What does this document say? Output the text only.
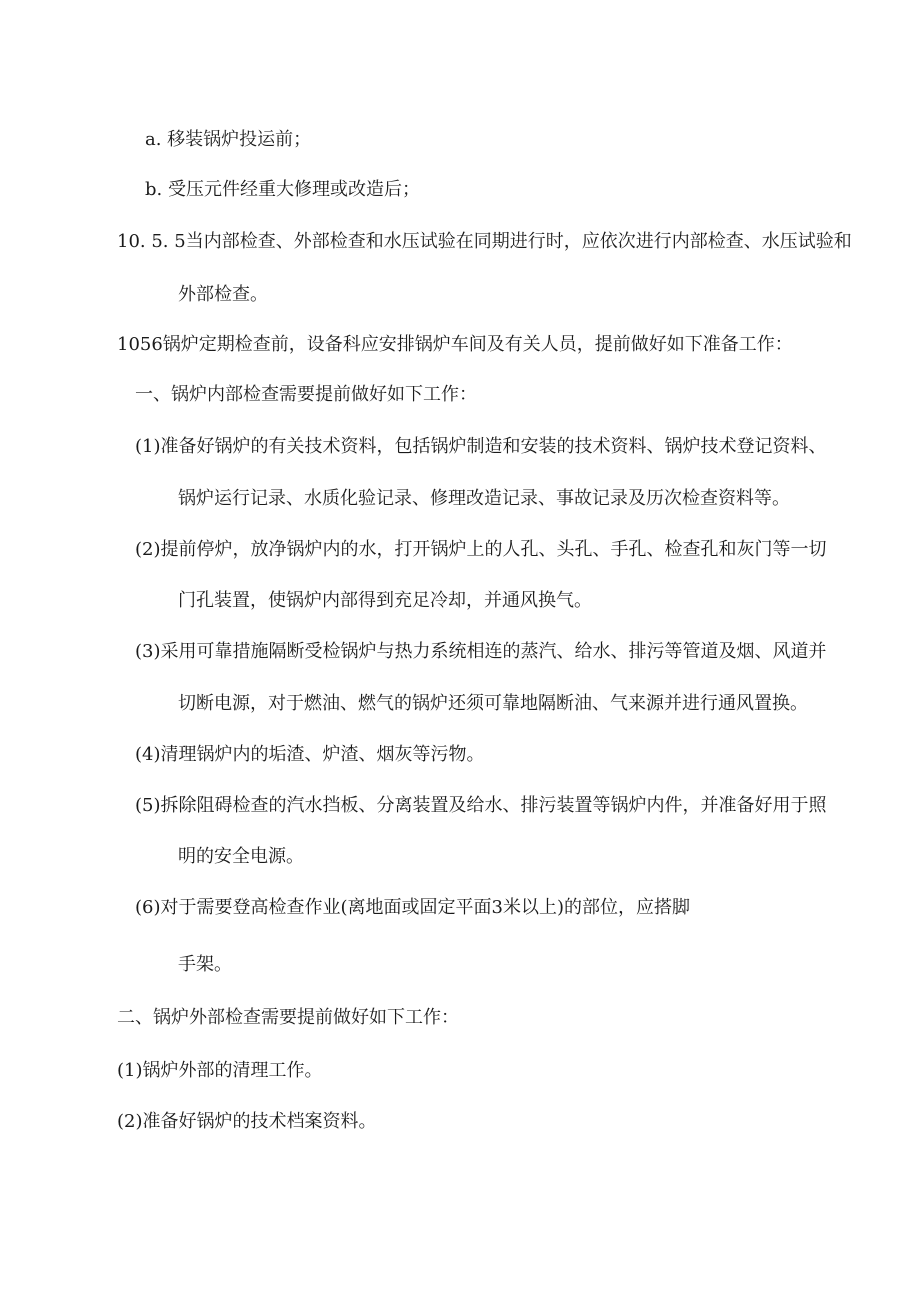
a. 移装锅炉投运前；

b. 受压元件经重大修理或改造后；

10. 5. 5当内部检查、外部检查和水压试验在同期进行时，应依次进行内部检查、水压试验和

外部检查。

1056锅炉定期检查前，设备科应安排锅炉车间及有关人员，提前做好如下准备工作：

一、锅炉内部检查需要提前做好如下工作：

(1)准备好锅炉的有关技术资料，包括锅炉制造和安装的技术资料、锅炉技术登记资料、

锅炉运行记录、水质化验记录、修理改造记录、事故记录及历次检查资料等。

(2)提前停炉，放净锅炉内的水，打开锅炉上的人孔、头孔、手孔、检查孔和灰门等一切

门孔装置，使锅炉内部得到充足冷却，并通风换气。

(3)采用可靠措施隔断受检锅炉与热力系统相连的蒸汽、给水、排污等管道及烟、风道并

切断电源，对于燃油、燃气的锅炉还须可靠地隔断油、气来源并进行通风置换。

(4)清理锅炉内的垢渣、炉渣、烟灰等污物。

(5)拆除阻碍检查的汽水挡板、分离装置及给水、排污装置等锅炉内件，并准备好用于照

明的安全电源。

(6)对于需要登高检查作业(离地面或固定平面3米以上)的部位，应搭脚

手架。

二、锅炉外部检查需要提前做好如下工作：

(1)锅炉外部的清理工作。

(2)准备好锅炉的技术档案资料。
